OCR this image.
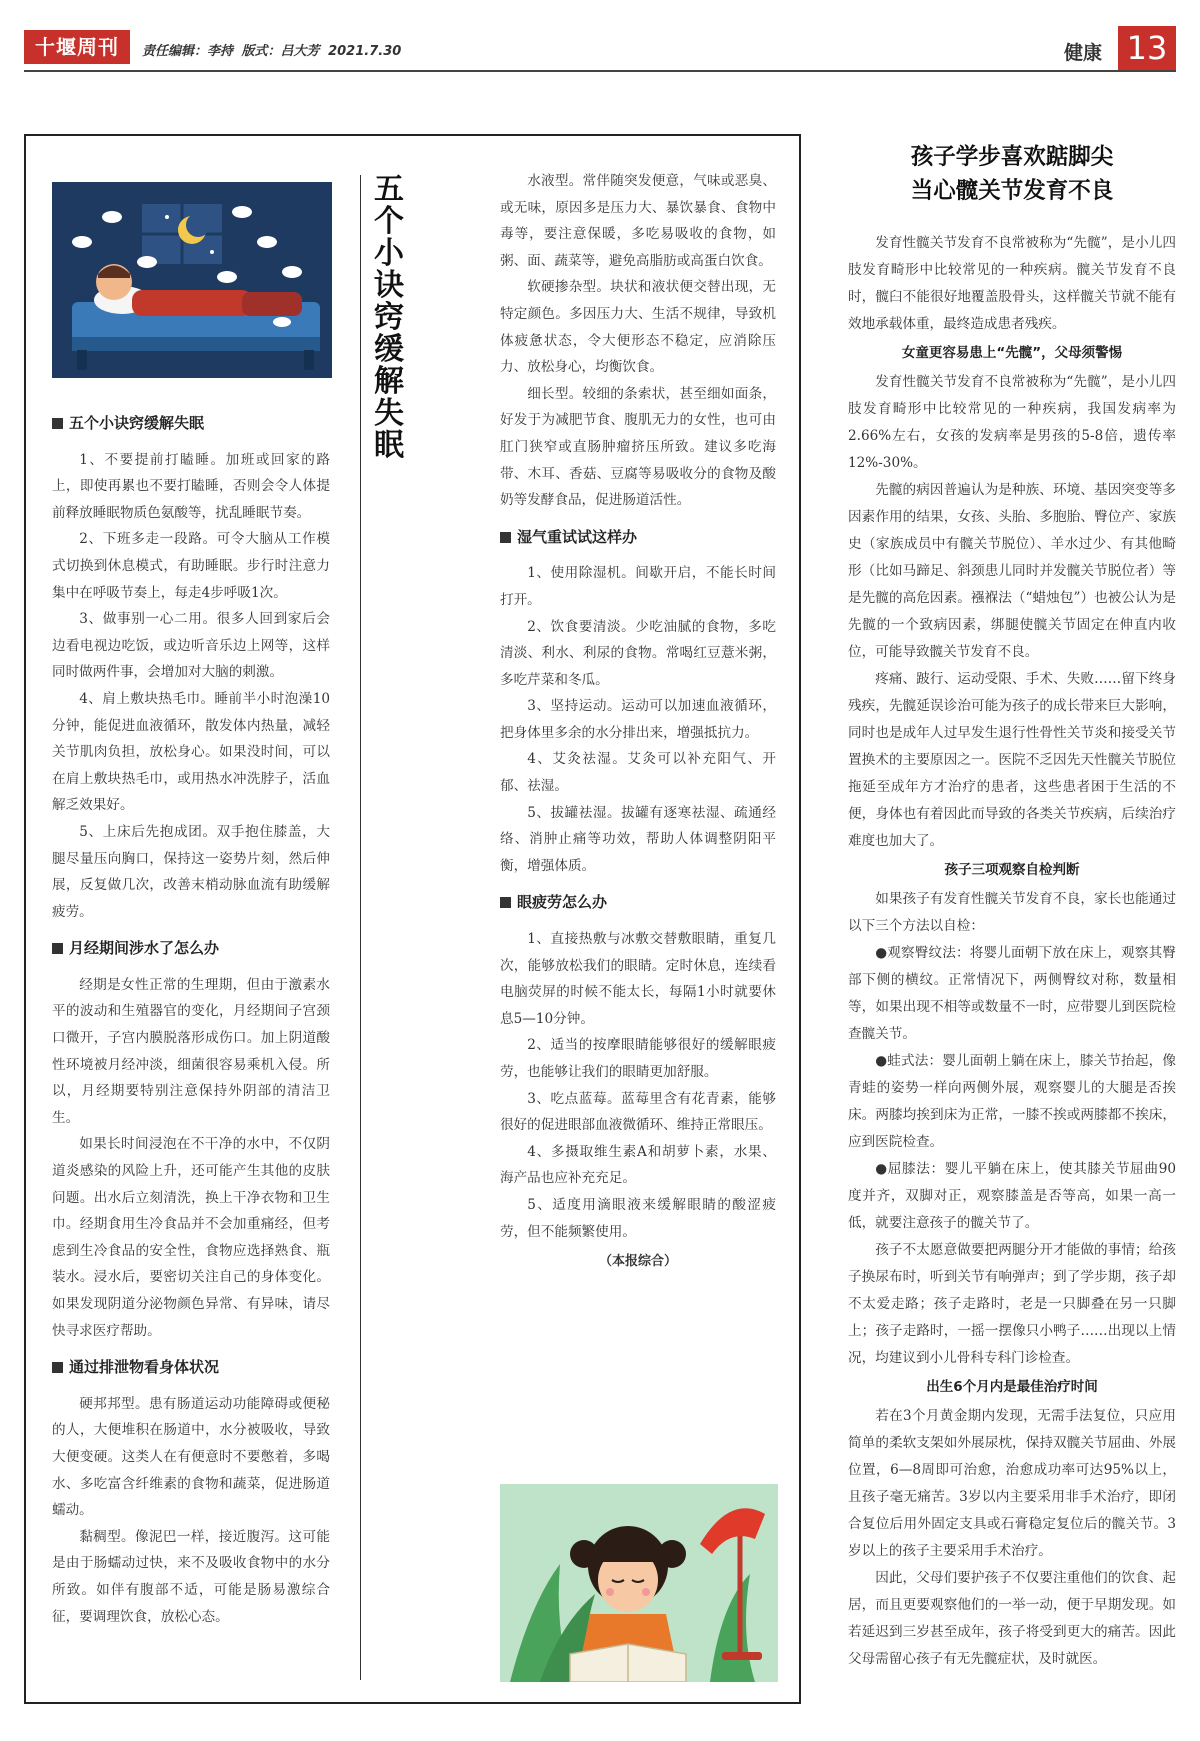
十堰周刊	责任编辑：李持 版式：吕大芳 2021.7.30	健康 13
五个小诀窍缓解失眠
五个小诀窍缓解失眠

1、不要提前打瞌睡。加班或回家的路上，即使再累也不要打瞌睡，否则会令人体提前释放睡眠物质色氨酸等，扰乱睡眠节奏。

2、下班多走一段路。可令大脑从工作模式切换到休息模式，有助睡眠。步行时注意力集中在呼吸节奏上，每走4步呼吸1次。

3、做事别一心二用。很多人回到家后会边看电视边吃饭，或边听音乐边上网等，这样同时做两件事，会增加对大脑的刺激。

4、肩上敷块热毛巾。睡前半小时泡澡10分钟，能促进血液循环，散发体内热量，减轻关节肌肉负担，放松身心。如果没时间，可以在肩上敷块热毛巾，或用热水冲洗脖子，活血解乏效果好。

5、上床后先抱成团。双手抱住膝盖，大腿尽量压向胸口，保持这一姿势片刻，然后伸展，反复做几次，改善末梢动脉血流有助缓解疲劳。

月经期间涉水了怎么办

经期是女性正常的生理期，但由于激素水平的波动和生殖器官的变化，月经期间子宫颈口微开，子宫内膜脱落形成伤口。加上阴道酸性环境被月经冲淡，细菌很容易乘机入侵。所以，月经期要特别注意保持外阴部的清洁卫生。

如果长时间浸泡在不干净的水中，不仅阴道炎感染的风险上升，还可能产生其他的皮肤问题。出水后立刻清洗，换上干净衣物和卫生巾。经期食用生冷食品并不会加重痛经，但考虑到生冷食品的安全性，食物应选择熟食、瓶装水。浸水后，要密切关注自己的身体变化。如果发现阴道分泌物颜色异常、有异味，请尽快寻求医疗帮助。

通过排泄物看身体状况

硬邦邦型。患有肠道运动功能障碍或便秘的人，大便堆积在肠道中，水分被吸收，导致大便变硬。这类人在有便意时不要憋着，多喝水、多吃富含纤维素的食物和蔬菜，促进肠道蠕动。

黏稠型。像泥巴一样，接近腹泻。这可能是由于肠蠕动过快，来不及吸收食物中的水分所致。如伴有腹部不适，可能是肠易激综合征，要调理饮食，放松心态。

水液型。常伴随突发便意，气味或恶臭、或无味，原因多是压力大、暴饮暴食、食物中毒等，要注意保暖，多吃易吸收的食物，如粥、面、蔬菜等，避免高脂肪或高蛋白饮食。

软硬掺杂型。块状和液状便交替出现，无特定颜色。多因压力大、生活不规律，导致机体疲惫状态，令大便形态不稳定，应消除压力、放松身心，均衡饮食。

细长型。较细的条索状，甚至细如面条，好发于为减肥节食、腹肌无力的女性，也可由肛门狭窄或直肠肿瘤挤压所致。建议多吃海带、木耳、香菇、豆腐等易吸收分的食物及酸奶等发酵食品，促进肠道活性。

湿气重试试这样办

1、使用除湿机。间歇开启，不能长时间打开。

2、饮食要清淡。少吃油腻的食物，多吃清淡、利水、利尿的食物。常喝红豆薏米粥，多吃芹菜和冬瓜。

3、坚持运动。运动可以加速血液循环，把身体里多余的水分排出来，增强抵抗力。

4、艾灸祛湿。艾灸可以补充阳气、开郁、祛湿。

5、拔罐祛湿。拔罐有逐寒祛湿、疏通经络、消肿止痛等功效，帮助人体调整阴阳平衡，增强体质。

眼疲劳怎么办

1、直接热敷与冰敷交替敷眼睛，重复几次，能够放松我们的眼睛。定时休息，连续看电脑荧屏的时候不能太长，每隔1小时就要休息5—10分钟。

2、适当的按摩眼睛能够很好的缓解眼疲劳，也能够让我们的眼睛更加舒服。

3、吃点蓝莓。蓝莓里含有花青素，能够很好的促进眼部血液微循环、维持正常眼压。

4、多摄取维生素A和胡萝卜素，水果、海产品也应补充充足。

5、适度用滴眼液来缓解眼睛的酸涩疲劳，但不能频繁使用。

（本报综合）
孩子学步喜欢踮脚尖
当心髋关节发育不良

发育性髋关节发育不良常被称为“先髋”，是小儿四肢发育畸形中比较常见的一种疾病。髋关节发育不良时，髋臼不能很好地覆盖股骨头，这样髋关节就不能有效地承载体重，最终造成患者残疾。

女童更容易患上“先髋”，父母须警惕

发育性髋关节发育不良常被称为“先髋”，是小儿四肢发育畸形中比较常见的一种疾病，我国发病率为2.66%左右，女孩的发病率是男孩的5-8倍，遗传率12%-30%。

先髋的病因普遍认为是种族、环境、基因突变等多因素作用的结果，女孩、头胎、多胞胎、臀位产、家族史（家族成员中有髋关节脱位）、羊水过少、有其他畸形（比如马蹄足、斜颈患儿同时并发髋关节脱位者）等是先髋的高危因素。襁褓法（“蜡烛包”）也被公认为是先髋的一个致病因素，绑腿使髋关节固定在伸直内收位，可能导致髋关节发育不良。

疼痛、跛行、运动受限、手术、失败……留下终身残疾，先髋延误诊治可能为孩子的成长带来巨大影响，同时也是成年人过早发生退行性骨性关节炎和接受关节置换术的主要原因之一。医院不乏因先天性髋关节脱位拖延至成年方才治疗的患者，这些患者困于生活的不便，身体也有着因此而导致的各类关节疾病，后续治疗难度也加大了。

孩子三项观察自检判断

如果孩子有发育性髋关节发育不良，家长也能通过以下三个方法以自检：

●观察臀纹法：将婴儿面朝下放在床上，观察其臀部下侧的横纹。正常情况下，两侧臀纹对称，数量相等，如果出现不相等或数量不一时，应带婴儿到医院检查髋关节。

●蛙式法：婴儿面朝上躺在床上，膝关节抬起，像青蛙的姿势一样向两侧外展，观察婴儿的大腿是否挨床。两膝均挨到床为正常，一膝不挨或两膝都不挨床，应到医院检查。

●屈膝法：婴儿平躺在床上，使其膝关节屈曲90度并齐，双脚对正，观察膝盖是否等高，如果一高一低，就要注意孩子的髋关节了。

孩子不太愿意做要把两腿分开才能做的事情；给孩子换尿布时，听到关节有响弹声；到了学步期，孩子却不太爱走路；孩子走路时，老是一只脚叠在另一只脚上；孩子走路时，一摇一摆像只小鸭子……出现以上情况，均建议到小儿骨科专科门诊检查。

出生6个月内是最佳治疗时间

若在3个月黄金期内发现，无需手法复位，只应用简单的柔软支架如外展尿枕，保持双髋关节屈曲、外展位置，6—8周即可治愈，治愈成功率可达95%以上，且孩子毫无痛苦。3岁以内主要采用非手术治疗，即闭合复位后用外固定支具或石膏稳定复位后的髋关节。3岁以上的孩子主要采用手术治疗。

因此，父母们要护孩子不仅要注重他们的饮食、起居，而且更要观察他们的一举一动，便于早期发现。如若延迟到三岁甚至成年，孩子将受到更大的痛苦。因此父母需留心孩子有无先髋症状，及时就医。
